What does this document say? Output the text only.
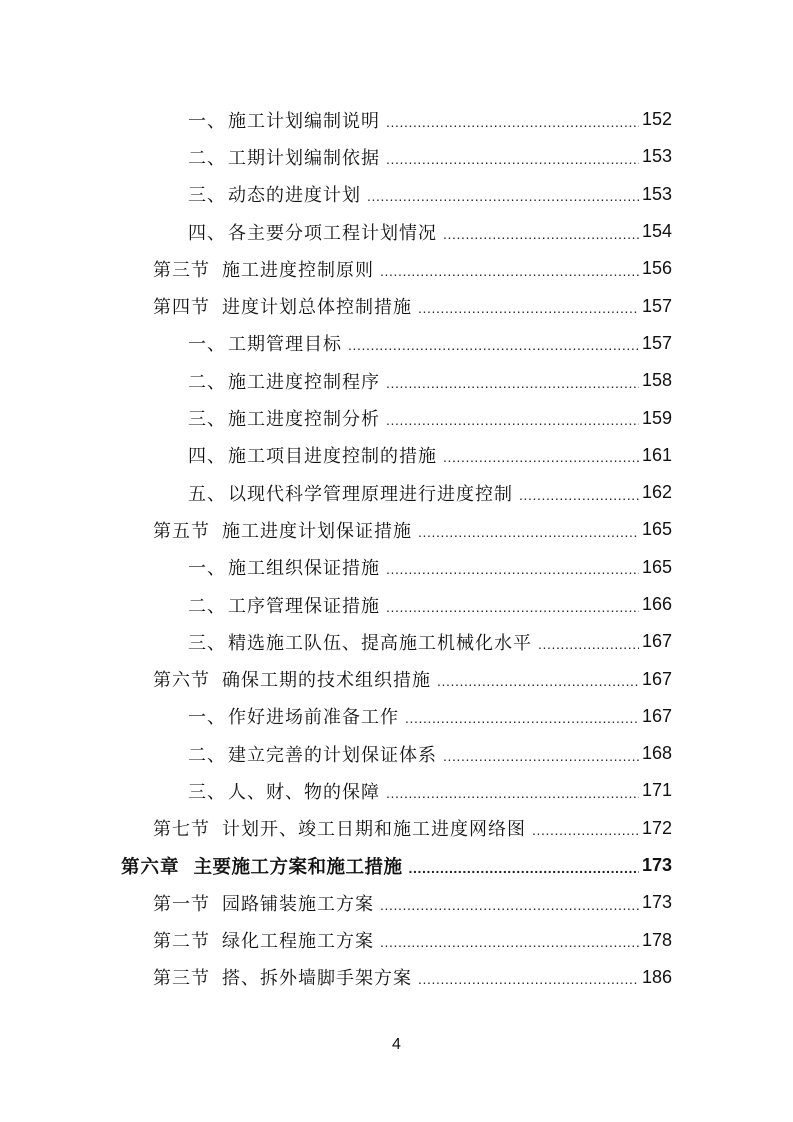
一、 施工计划编制说明 .....	152
二、 工期计划编制依据 .....	153
三、 动态的进度计划 .....	153
四、 各主要分项工程计划情况 .....	154
第三节 施工进度控制原则 .....	156
第四节 进度计划总体控制措施 .....	157
一、 工期管理目标 .....	157
二、 施工进度控制程序 .....	158
三、 施工进度控制分析 .....	159
四、 施工项目进度控制的措施 .....	161
五、 以现代科学管理原理进行进度控制 .....	162
第五节 施工进度计划保证措施 .....	165
一、 施工组织保证措施 .....	165
二、 工序管理保证措施 .....	166
三、 精选施工队伍、提高施工机械化水平 .....	167
第六节 确保工期的技术组织措施 .....	167
一、 作好进场前准备工作 .....	167
二、 建立完善的计划保证体系 .....	168
三、 人、财、物的保障 .....	171
第七节 计划开、竣工日期和施工进度网络图 .....	172
第六章 主要施工方案和施工措施 .....	173
第一节 园路铺装施工方案 .....	173
第二节 绿化工程施工方案 .....	178
第三节 搭、拆外墙脚手架方案 .....	186
4
